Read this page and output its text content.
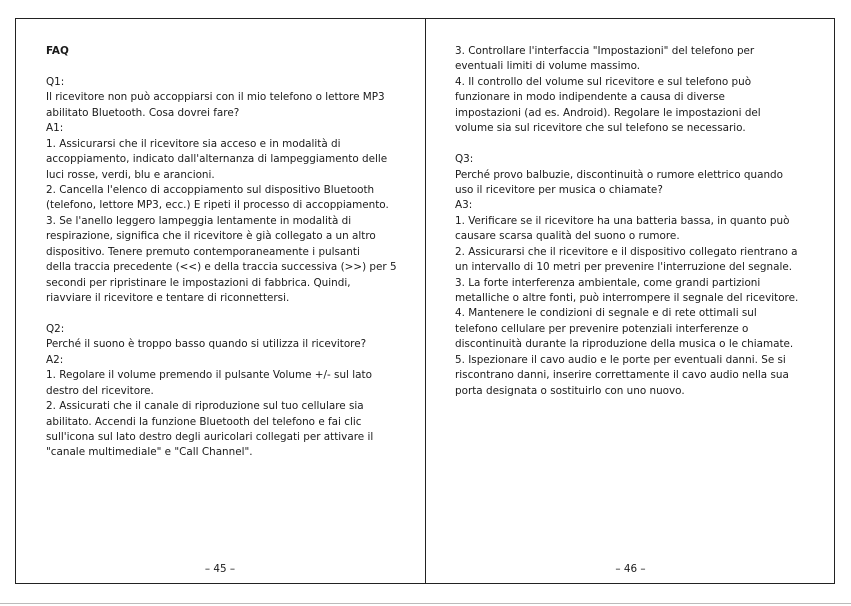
FAQ
Q1:
Il ricevitore non può accoppiarsi con il mio telefono o lettore MP3
abilitato Bluetooth. Cosa dovrei fare?
A1:
1. Assicurarsi che il ricevitore sia acceso e in modalità di
accoppiamento, indicato dall'alternanza di lampeggiamento delle
luci rosse, verdi, blu e arancioni.
2. Cancella l'elenco di accoppiamento sul dispositivo Bluetooth
(telefono, lettore MP3, ecc.) E ripeti il processo di accoppiamento.
3. Se l'anello leggero lampeggia lentamente in modalità di
respirazione, significa che il ricevitore è già collegato a un altro
dispositivo. Tenere premuto contemporaneamente i pulsanti
della traccia precedente (<<) e della traccia successiva (>>) per 5
secondi per ripristinare le impostazioni di fabbrica. Quindi,
riavviare il ricevitore e tentare di riconnettersi.
Q2:
Perché il suono è troppo basso quando si utilizza il ricevitore?
A2:
1. Regolare il volume premendo il pulsante Volume +/- sul lato
destro del ricevitore.
2. Assicurati che il canale di riproduzione sul tuo cellulare sia
abilitato. Accendi la funzione Bluetooth del telefono e fai clic
sull'icona sul lato destro degli auricolari collegati per attivare il
"canale multimediale" e "Call Channel".
– 45 –
3. Controllare l'interfaccia "Impostazioni" del telefono per
eventuali limiti di volume massimo.
4. Il controllo del volume sul ricevitore e sul telefono può
funzionare in modo indipendente a causa di diverse
impostazioni (ad es. Android). Regolare le impostazioni del
volume sia sul ricevitore che sul telefono se necessario.
Q3:
Perché provo balbuzie, discontinuità o rumore elettrico quando
uso il ricevitore per musica o chiamate?
A3:
1. Verificare se il ricevitore ha una batteria bassa, in quanto può
causare scarsa qualità del suono o rumore.
2. Assicurarsi che il ricevitore e il dispositivo collegato rientrano a
un intervallo di 10 metri per prevenire l'interruzione del segnale.
3. La forte interferenza ambientale, come grandi partizioni
metalliche o altre fonti, può interrompere il segnale del ricevitore.
4. Mantenere le condizioni di segnale e di rete ottimali sul
telefono cellulare per prevenire potenziali interferenze o
discontinuità durante la riproduzione della musica o le chiamate.
5. Ispezionare il cavo audio e le porte per eventuali danni. Se si
riscontrano danni, inserire correttamente il cavo audio nella sua
porta designata o sostituirlo con uno nuovo.
– 46 –
